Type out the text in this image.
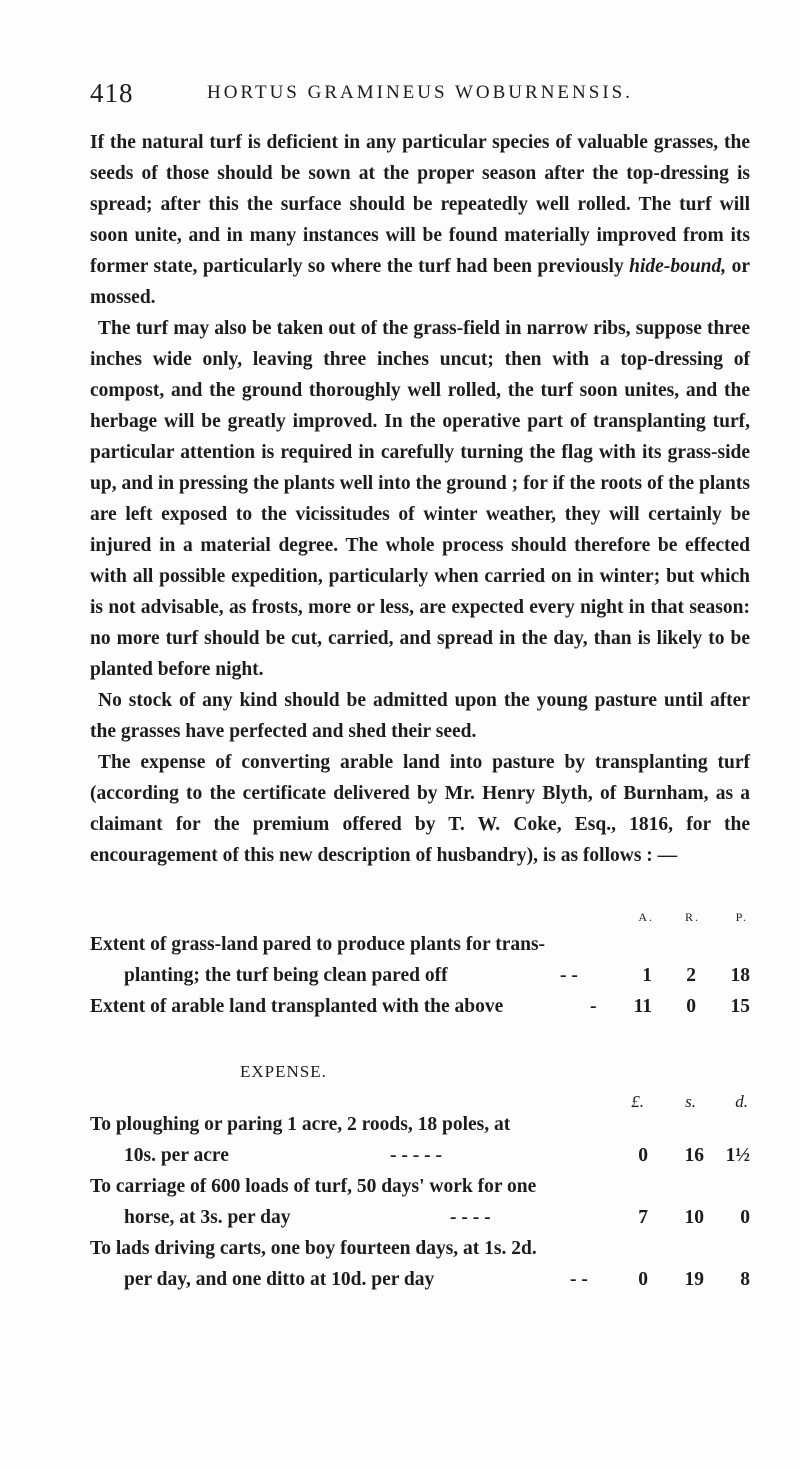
418	HORTUS GRAMINEUS WOBURNENSIS.

If the natural turf is deficient in any particular species of valuable grasses, the seeds of those should be sown at the proper season after the top-dressing is spread; after this the surface should be repeatedly well rolled. The turf will soon unite, and in many instances will be found materially improved from its former state, particularly so where the turf had been previously hide-bound, or mossed.

The turf may also be taken out of the grass-field in narrow ribs, suppose three inches wide only, leaving three inches uncut; then with a top-dressing of compost, and the ground thoroughly well rolled, the turf soon unites, and the herbage will be greatly improved. In the operative part of transplanting turf, particular attention is required in carefully turning the flag with its grass-side up, and in pressing the plants well into the ground ; for if the roots of the plants are left exposed to the vicissitudes of winter weather, they will certainly be injured in a material degree. The whole process should therefore be effected with all possible expedition, particularly when carried on in winter; but which is not advisable, as frosts, more or less, are expected every night in that season: no more turf should be cut, carried, and spread in the day, than is likely to be planted before night.

No stock of any kind should be admitted upon the young pasture until after the grasses have perfected and shed their seed.

The expense of converting arable land into pasture by transplanting turf (according to the certificate delivered by Mr. Henry Blyth, of Burnham, as a claimant for the premium offered by T. W. Coke, Esq., 1816, for the encouragement of this new description of husbandry), is as follows : —

A.	R.	P.
Extent of grass-land pared to produce plants for trans-
planting; the turf being clean pared off	- -	1 2 18
Extent of arable land transplanted with the above	- 11 0 15
EXPENSE.
£. s. d.
To ploughing or paring 1 acre, 2 roods, 18 poles, at
10s. per acre	- - - - -	0 16 1½
To carriage of 600 loads of turf, 50 days' work for one
horse, at 3s. per day	- - - -	7 10 0
To lads driving carts, one boy fourteen days, at 1s. 2d.
per day, and one ditto at 10d. per day	- -	0 19 8
